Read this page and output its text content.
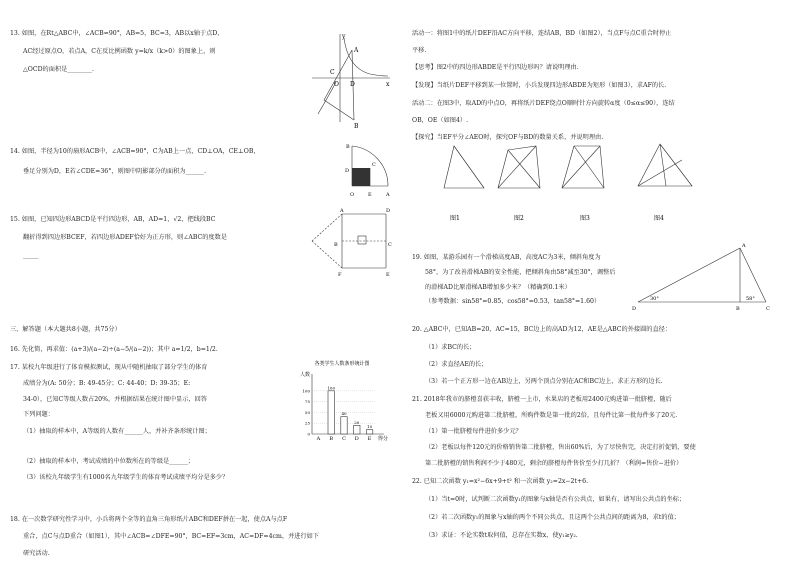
13. 如图，在Rt△ABC中，∠ACB=90°，AB=5，BC=3，AB以x轴于点D，
AC经过原点O，若点A，C在反比例函数 y=k/x（k>0）的图象上，则
△OCD的面积是________.
y
A
C
D
O	x
B
14. 如图，半径为10的扇形ACB中，∠ACB=90°，C为AB上一点，CD⊥OA，CE⊥OB，
垂足分别为D，E若∠CDE=36°，则图中阴影部分的面积为______.
B
C
D
O	E	A
15. 如图，已知四边形ABCD是平行四边形，AB，AD=1，√2，把线段BC
翻折得到四边形BCEF，若四边形ADEF恰好为正方形，则∠ABC的度数是
_____
A	D
B	C
F	E
三、解答题（本大题共8小题，共75分）
16. 先化简，再求值：(a+3)/(a−2)÷(a−5/(a−2))；其中 a=1/2，b=1/2.
17. 某校九年级进行了体育模拟测试，现从中随机抽取了部分学生的体育
成绩分为(A: 50分；B: 49-45分；C: 44-40；D: 39-35；E:
34-0），已知C等级人数占20%，并根据结果在统计图中显示，回答
下列问题：
（1）抽取的样本中，A等级的人数有______人，并补齐条形统计图；
（2）抽取的样本中，考试成绩的中位数所在的等级是______；
（3）该校九年级学生有1000名九年级学生的体育考试成绩平均分是多少？
各类学生人数条形统计图
人数
得分
0
25
50
75
100
A
100
B
40
C
20
D
10
E
18. 在一次数学研究性学习中，小兵将两个全等的直角三角形纸片ABC和DEF拼在一起，使点A与点F
重合，点C与点D重合（如图1），其中∠ACB=∠DFE=90°，BC=EF=3cm，AC=DF=4cm，并进行如下
研究活动.
活动一：将图1中的纸片DEF沿AC方向平移，连结AB，BD（如图2），当点F与点C重合时停止
平移.
【思考】图2中的四边形ABDE是平行四边形吗？请说明理由.
【发现】当纸片DEF平移到某一位置时，小兵发现四边形ABDE为矩形（如图3），求AF的长.
活动二：在图3中，取AD的中点O，再将纸片DEF绕点O顺时针方向旋转α度（0≤α≤90），连结
OB，OE（如图4）.
【探究】当EF平分∠AEO时，探究OF与BD的数量关系，并说明理由.
图1	图2	图3	图4
19. 如图，某游乐园有一个滑梯高度AB，高度AC为3米，倾斜角度为
58°，为了改善滑梯AB的安全性能，把倾斜角由58°减至30°，调整后
的滑梯AD比原滑梯AB增加多少米？（精确到0.1米）
（参考数据：sin58°=0.85，cos58°=0.53，tan58°=1.60）
A
D	B	C
30°	58°
20. △ABC中，已知AB=20，AC=15，BC边上的高AD为12，AE是△ABC的外接圆的直径：
（1）求BC的长；
（2）求直径AE的长；
（3）若一个正方形一边在AB边上，另两个顶点分别在AC和BC边上，求正方形的边长.
21. 2018年我市的脐橙喜获丰收，脐橙一上市，水果店的老板用2400元购进第一批脐橙，随后
老板又用6000元购进第二批脐橙，所购件数是第一批的2倍，且每件比第一批每件多了20元.
（1）第一批脐橙每件进价多少元？
（2）老板以每件120元的价格销售第二批脐橙，售出60%后，为了尽快售完，决定打折促销，要使
第二批脐橙的销售利润不少于480元，剩余的脐橙每件售价至少打几折？（利润=售价−进价）
22. 已知二次函数 y₁=x²−6x+9+t² 和一次函数 y₂=2x−2t+6.
（1）当t=0时，试判断二次函数y₁的图象与x轴是否有公共点，如果有，请写出公共点的坐标；
（2）若二次函数y₁的图象与x轴的两个不同公共点，且这两个公共点间的距离为8，求t的值；
（3）求证：不论实数t取何值，总存在实数x，使y₁≥y₂.
